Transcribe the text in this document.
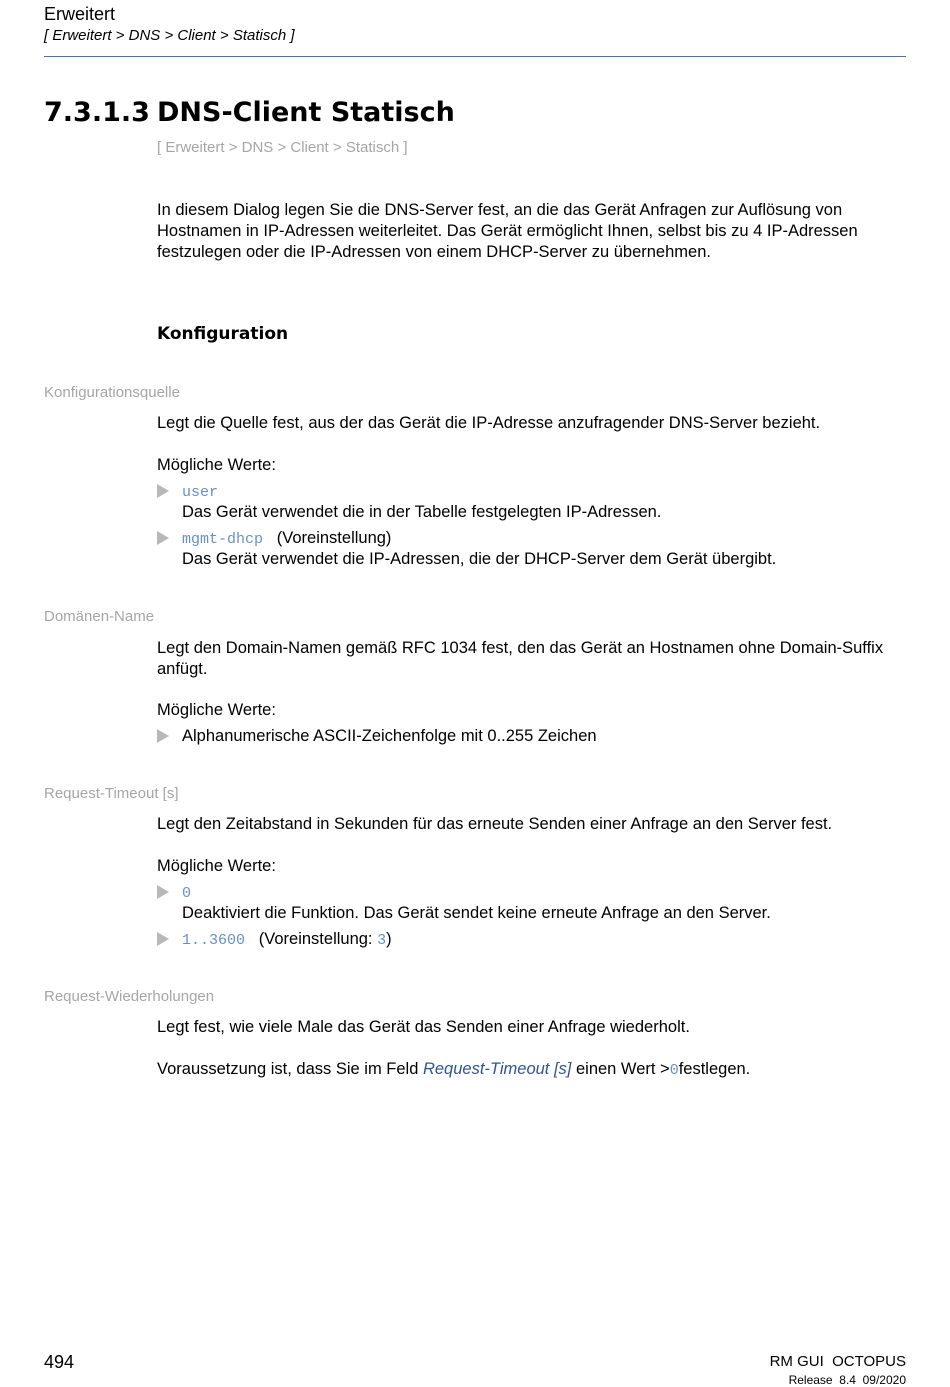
Erweitert
[ Erweitert > DNS > Client > Statisch ]
7.3.1.3 DNS-Client Statisch
[ Erweitert > DNS > Client > Statisch ]
In diesem Dialog legen Sie die DNS-Server fest, an die das Gerät Anfragen zur Auflösung von Hostnamen in IP-Adressen weiterleitet. Das Gerät ermöglicht Ihnen, selbst bis zu 4 IP-Adressen festzulegen oder die IP-Adressen von einem DHCP-Server zu übernehmen.
Konfiguration
Konfigurationsquelle
Legt die Quelle fest, aus der das Gerät die IP-Adresse anzufragender DNS-Server bezieht.
Mögliche Werte:
user
Das Gerät verwendet die in der Tabelle festgelegten IP-Adressen.
mgmt-dhcp (Voreinstellung)
Das Gerät verwendet die IP-Adressen, die der DHCP-Server dem Gerät übergibt.
Domänen-Name
Legt den Domain-Namen gemäß RFC 1034 fest, den das Gerät an Hostnamen ohne Domain-Suffix
anfügt.
Mögliche Werte:
Alphanumerische ASCII-Zeichenfolge mit 0..255 Zeichen
Request-Timeout [s]
Legt den Zeitabstand in Sekunden für das erneute Senden einer Anfrage an den Server fest.
Mögliche Werte:
0
Deaktiviert die Funktion. Das Gerät sendet keine erneute Anfrage an den Server.
1..3600 (Voreinstellung: 3)
Request-Wiederholungen
Legt fest, wie viele Male das Gerät das Senden einer Anfrage wiederholt.
Voraussetzung ist, dass Sie im Feld Request-Timeout [s] einen Wert >0festlegen.
494	RM GUI  OCTOPUS
Release  8.4  09/2020
